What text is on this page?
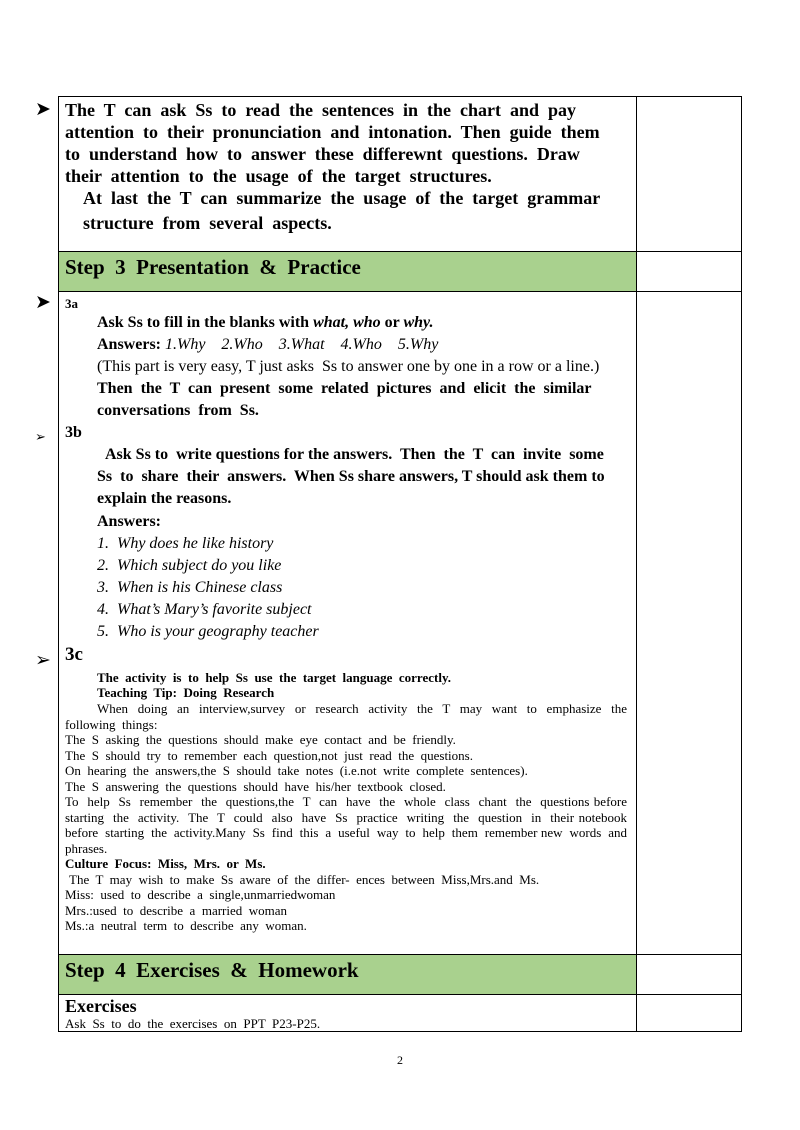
➤ The  T  can  ask  Ss  to  read  the  sentences  in  the  chart  and  pay
attention  to  their  pronunciation  and  intonation.  Then  guide  them
to  understand  how  to  answer  these  differewnt  questions.  Draw
their  attention  to  the  usage  of  the  target  structures.
At  last  the  T  can  summarize  the  usage  of  the  target  grammar
structure  from  several  aspects.
Step  3  Presentation  &  Practice
➤
➢
➢
3a
Ask Ss to fill in the blanks with what, who or why.
Answers: 1.Why    2.Who    3.What    4.Who    5.Why
(This part is very easy, T just asks  Ss to answer one by one in a row or a line.)
Then  the  T  can  present  some  related  pictures  and  elicit  the  similar
conversations  from  Ss.
3b
Ask Ss to  write questions for the answers.  Then  the  T  can  invite  some
Ss  to  share  their  answers.  When Ss share answers, T should ask them to
explain the reasons.
Answers:
1.  Why does he like history
2.  Which subject do you like
3.  When is his Chinese class
4.  What’s Mary’s favorite subject
5.  Who is your geography teacher
3c
The  activity  is  to  help  Ss  use  the  target  language  correctly.
Teaching  Tip:  Doing  Research
When  doing  an  interview,survey  or  research  activity  the  T  may  want  to  emphasize  the following  things:
The  S  asking  the  questions  should  make  eye  contact  and  be  friendly.
The  S  should  try  to  remember  each  question,not  just  read  the  questions.
On  hearing  the  answers,the  S  should  take  notes  (i.e.not  write  complete  sentences).
The  S  answering  the  questions  should  have  his/her  textbook  closed.
To  help  Ss  remember  the  questions,the  T  can  have  the  whole  class  chant  the  questions before  starting  the  activity.  The  T  could  also  have  Ss  practice  writing  the  question  in  their notebook  before  starting  the  activity.Many  Ss  find  this  a  useful  way  to  help  them  remember new  words  and  phrases.
Culture  Focus:  Miss,  Mrs.  or  Ms.
The  T  may  wish  to  make  Ss  aware  of  the  differ-  ences  between  Miss,Mrs.and  Ms.
Miss:  used  to  describe  a  single,unmarriedwoman
Mrs.:used  to  describe  a  married  woman
Ms.:a  neutral  term  to  describe  any  woman.
Step  4  Exercises  &  Homework
Exercises
Ask  Ss  to  do  the  exercises  on  PPT  P23-P25.
2
